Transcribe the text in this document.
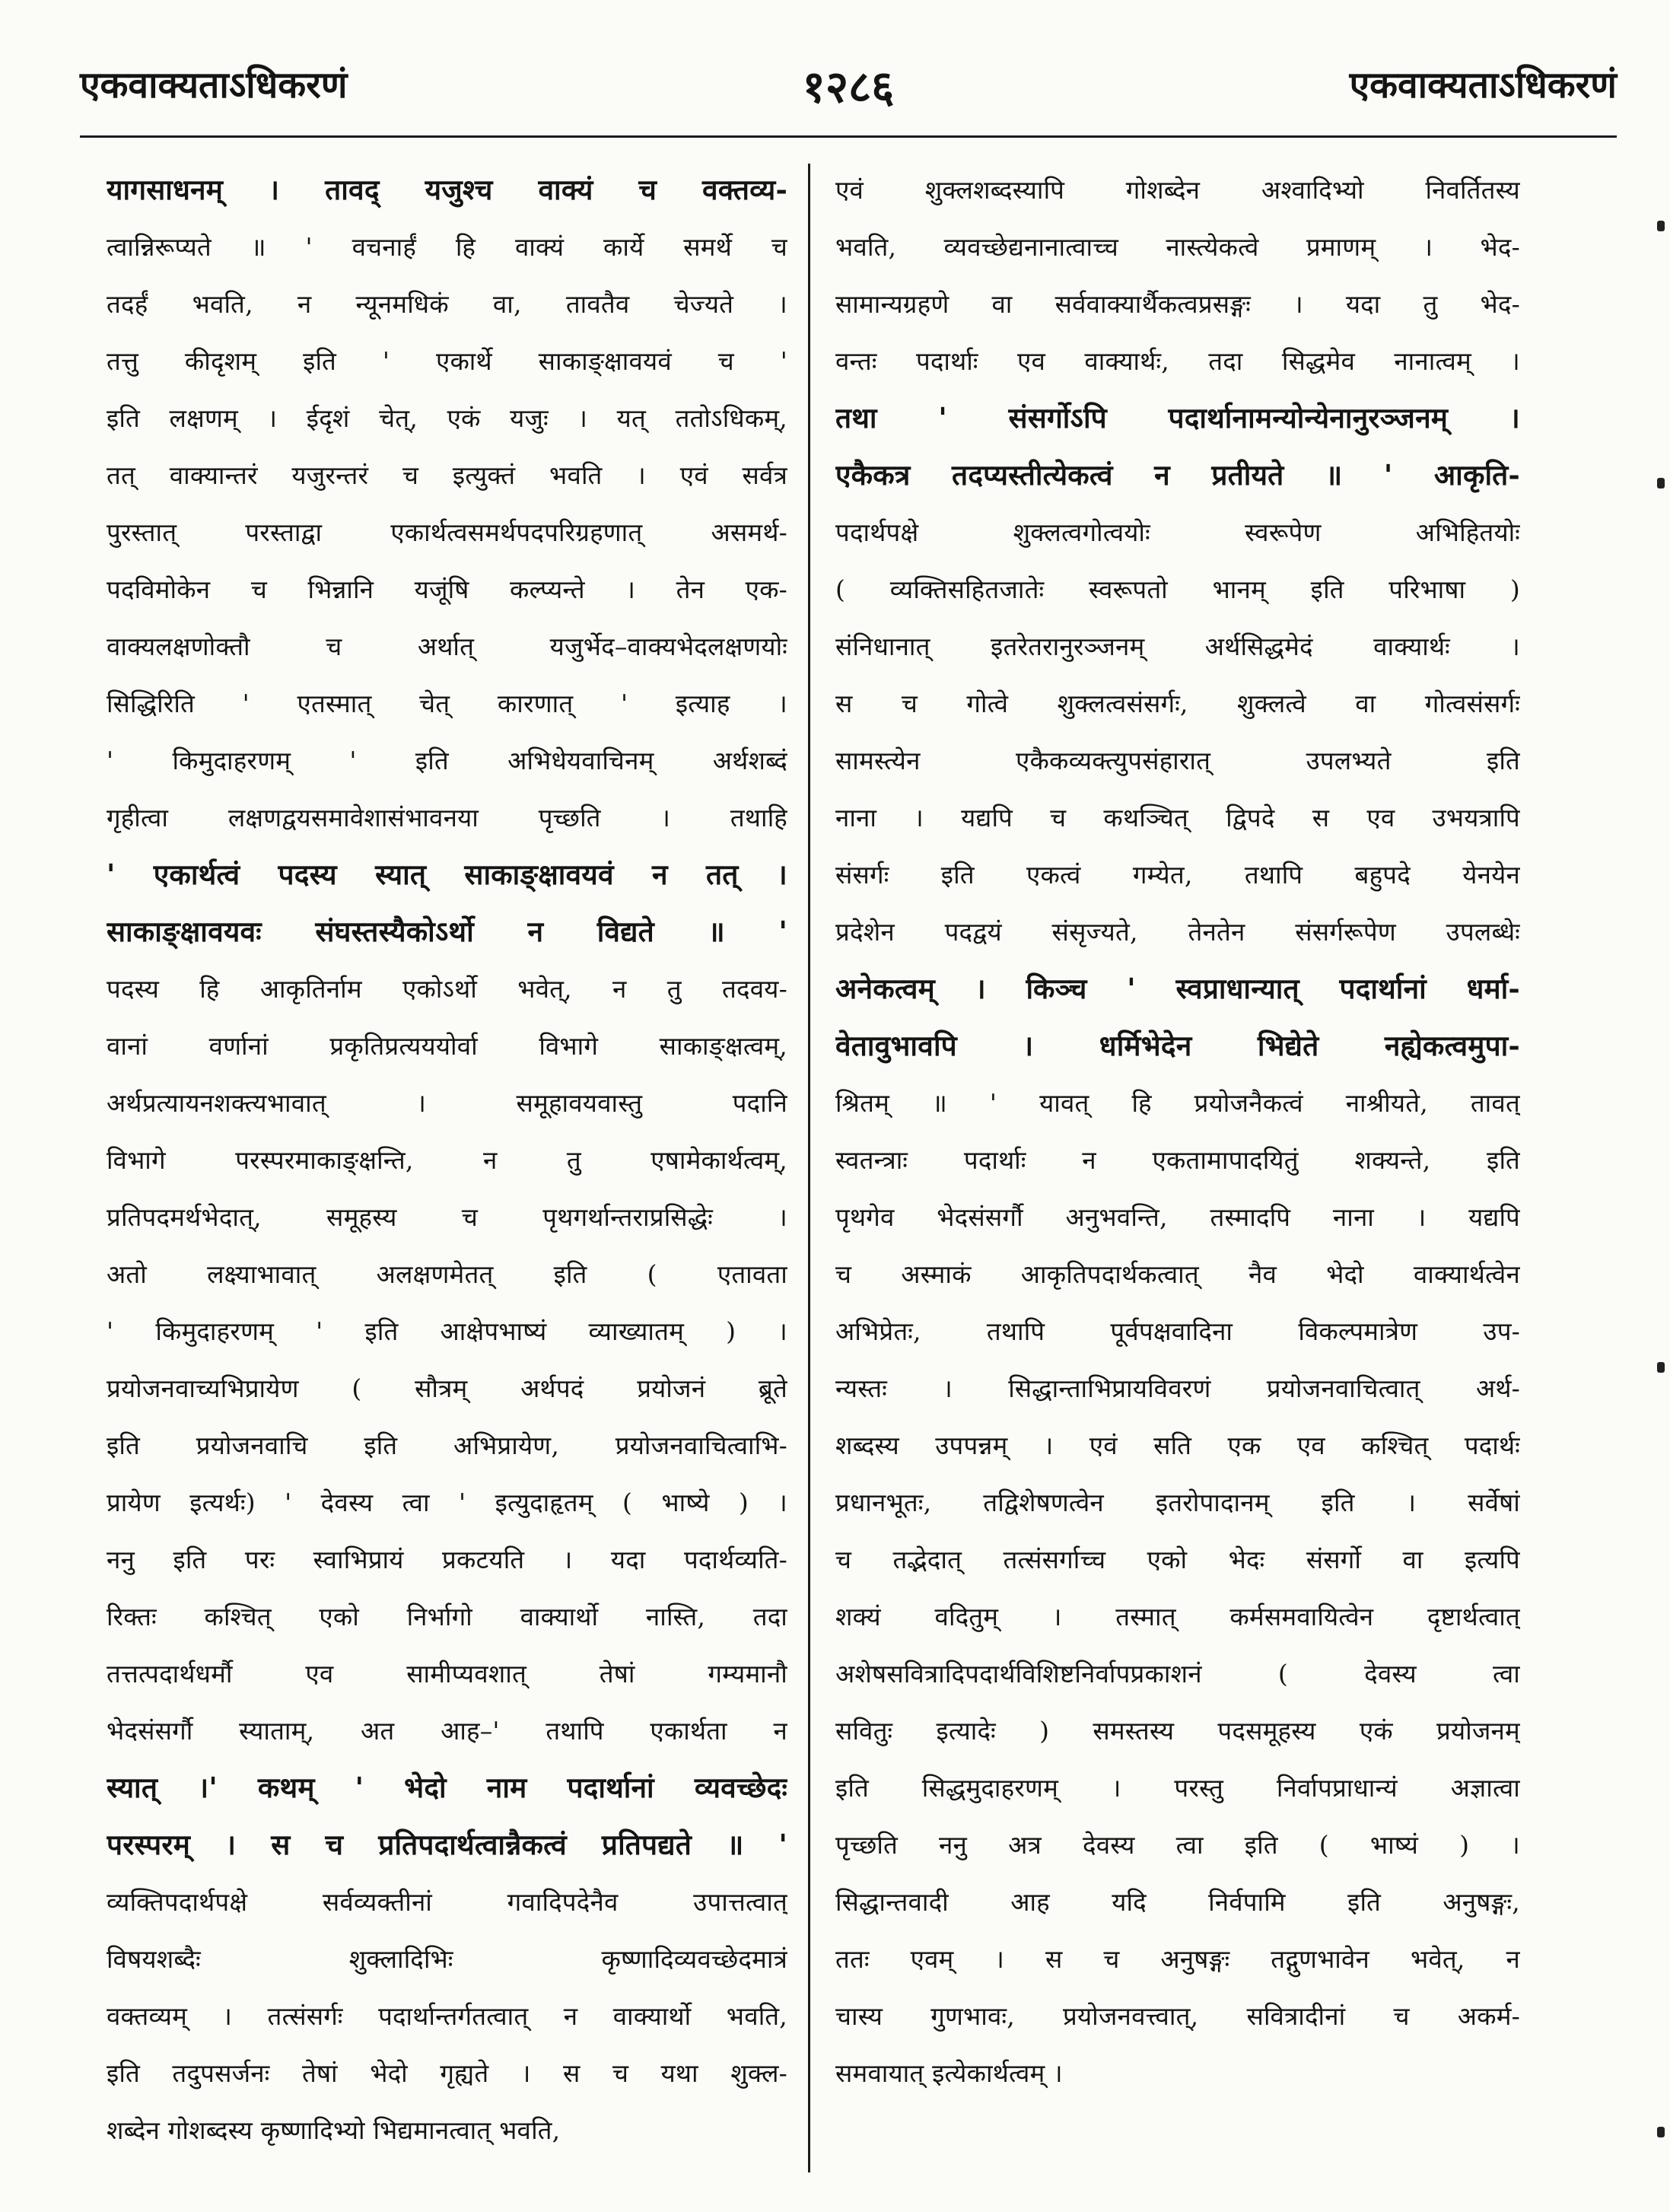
एकवाक्यताऽधिकरणं	१२८६	एकवाक्यताऽधिकरणं
यागसाधनम् । तावद् यजुश्च वाक्यं च वक्तव्य-
त्वान्निरूप्यते ॥ ' वचनार्हं हि वाक्यं कार्ये समर्थे च
तदर्हं भवति, न न्यूनमधिकं वा, तावतैव चेज्यते ।
तत्तु कीदृशम् इति ' एकार्थे साकाङ्क्षावयवं च '
इति लक्षणम् । ईदृशं चेत्, एकं यजुः । यत् ततोऽधिकम्,
तत् वाक्यान्तरं यजुरन्तरं च इत्युक्तं भवति । एवं सर्वत्र
पुरस्तात् परस्ताद्वा एकार्थत्वसमर्थपदपरिग्रहणात् असमर्थ-
पदविमोकेन च भिन्नानि यजूंषि कल्प्यन्ते । तेन एक-
वाक्यलक्षणोक्तौ च अर्थात् यजुर्भेद–वाक्यभेदलक्षणयोः
सिद्धिरिति ' एतस्मात् चेत् कारणात् ' इत्याह ।
' किमुदाहरणम् ' इति अभिधेयवाचिनम् अर्थशब्दं
गृहीत्वा लक्षणद्वयसमावेशासंभावनया पृच्छति । तथाहि
' एकार्थत्वं पदस्य स्यात् साकाङ्क्षावयवं न तत् ।
साकाङ्क्षावयवः संघस्तस्यैकोऽर्थो न विद्यते ॥ '
पदस्य हि आकृतिर्नाम एकोऽर्थो भवेत्, न तु तदवय-
वानां वर्णानां प्रकृतिप्रत्यययोर्वा विभागे साकाङ्क्षत्वम्,
अर्थप्रत्यायनशक्त्यभावात् । समूहावयवास्तु पदानि
विभागे परस्परमाकाङ्क्षन्ति, न तु एषामेकार्थत्वम्,
प्रतिपदमर्थभेदात्, समूहस्य च पृथगर्थान्तराप्रसिद्धेः ।
अतो लक्ष्याभावात् अलक्षणमेतत् इति ( एतावता
' किमुदाहरणम् ' इति आक्षेपभाष्यं व्याख्यातम् ) ।
प्रयोजनवाच्यभिप्रायेण ( सौत्रम् अर्थपदं प्रयोजनं ब्रूते
इति प्रयोजनवाचि इति अभिप्रायेण, प्रयोजनवाचित्वाभि-
प्रायेण इत्यर्थः) ' देवस्य त्वा ' इत्युदाहृतम् ( भाष्ये ) ।
ननु इति परः स्वाभिप्रायं प्रकटयति । यदा पदार्थव्यति-
रिक्तः कश्चित् एको निर्भागो वाक्यार्थो नास्ति, तदा
तत्तत्पदार्थधर्मौ एव सामीप्यवशात् तेषां गम्यमानौ
भेदसंसर्गौ स्याताम्, अत आह–' तथापि एकार्थता न
स्यात् ।' कथम् ' भेदो नाम पदार्थानां व्यवच्छेदः
परस्परम् । स च प्रतिपदार्थत्वान्नैकत्वं प्रतिपद्यते ॥ '
व्यक्तिपदार्थपक्षे सर्वव्यक्तीनां गवादिपदेनैव उपात्तत्वात्
विषयशब्दैः शुक्लादिभिः कृष्णादिव्यवच्छेदमात्रं
वक्तव्यम् । तत्संसर्गः पदार्थान्तर्गतत्वात् न वाक्यार्थो भवति,
इति तदुपसर्जनः तेषां भेदो गृह्यते । स च यथा शुक्ल-
शब्देन गोशब्दस्य कृष्णादिभ्यो भिद्यमानत्वात् भवति,
एवं शुक्लशब्दस्यापि गोशब्देन अश्वादिभ्यो निवर्तितस्य
भवति, व्यवच्छेद्यनानात्वाच्च नास्त्येकत्वे प्रमाणम् । भेद-
सामान्यग्रहणे वा सर्ववाक्यार्थैकत्वप्रसङ्गः । यदा तु भेद-
वन्तः पदार्थाः एव वाक्यार्थः, तदा सिद्धमेव नानात्वम् ।
तथा ' संसर्गोऽपि पदार्थानामन्योन्येनानुरञ्जनम् ।
एकैकत्र तदप्यस्तीत्येकत्वं न प्रतीयते ॥ ' आकृति-
पदार्थपक्षे शुक्लत्वगोत्वयोः स्वरूपेण अभिहितयोः
( व्यक्तिसहितजातेः स्वरूपतो भानम् इति परिभाषा )
संनिधानात् इतरेतरानुरञ्जनम् अर्थसिद्धमेदं वाक्यार्थः ।
स च गोत्वे शुक्लत्वसंसर्गः, शुक्लत्वे वा गोत्वसंसर्गः
सामस्त्येन एकैकव्यक्त्युपसंहारात् उपलभ्यते इति
नाना । यद्यपि च कथञ्चित् द्विपदे स एव उभयत्रापि
संसर्गः इति एकत्वं गम्येत, तथापि बहुपदे येनयेन
प्रदेशेन पदद्वयं संसृज्यते, तेनतेन संसर्गरूपेण उपलब्धेः
अनेकत्वम् । किञ्च ' स्वप्राधान्यात् पदार्थानां धर्मा-
वेतावुभावपि । धर्मिभेदेन भिद्येते नह्येकत्वमुपा-
श्रितम् ॥ ' यावत् हि प्रयोजनैकत्वं नाश्रीयते, तावत्
स्वतन्त्राः पदार्थाः न एकतामापादयितुं शक्यन्ते, इति
पृथगेव भेदसंसर्गौ अनुभवन्ति, तस्मादपि नाना । यद्यपि
च अस्माकं आकृतिपदार्थकत्वात् नैव भेदो वाक्यार्थत्वेन
अभिप्रेतः, तथापि पूर्वपक्षवादिना विकल्पमात्रेण उप-
न्यस्तः । सिद्धान्ताभिप्रायविवरणं प्रयोजनवाचित्वात् अर्थ-
शब्दस्य उपपन्नम् । एवं सति एक एव कश्चित् पदार्थः
प्रधानभूतः, तद्विशेषणत्वेन इतरोपादानम् इति । सर्वेषां
च तद्भेदात् तत्संसर्गाच्च एको भेदः संसर्गो वा इत्यपि
शक्यं वदितुम् । तस्मात् कर्मसमवायित्वेन दृष्टार्थत्वात्
अशेषसवित्रादिपदार्थविशिष्टनिर्वापप्रकाशनं ( देवस्य त्वा
सवितुः इत्यादेः ) समस्तस्य पदसमूहस्य एकं प्रयोजनम्
इति सिद्धमुदाहरणम् । परस्तु निर्वापप्राधान्यं अज्ञात्वा
पृच्छति ननु अत्र देवस्य त्वा इति ( भाष्यं ) ।
सिद्धान्तवादी आह यदि निर्वपामि इति अनुषङ्गः,
ततः एवम् । स च अनुषङ्गः तद्गुणभावेन भवेत्, न
चास्य गुणभावः, प्रयोजनवत्त्वात्, सवित्रादीनां च अकर्म-
समवायात् इत्येकार्थत्वम् ।
